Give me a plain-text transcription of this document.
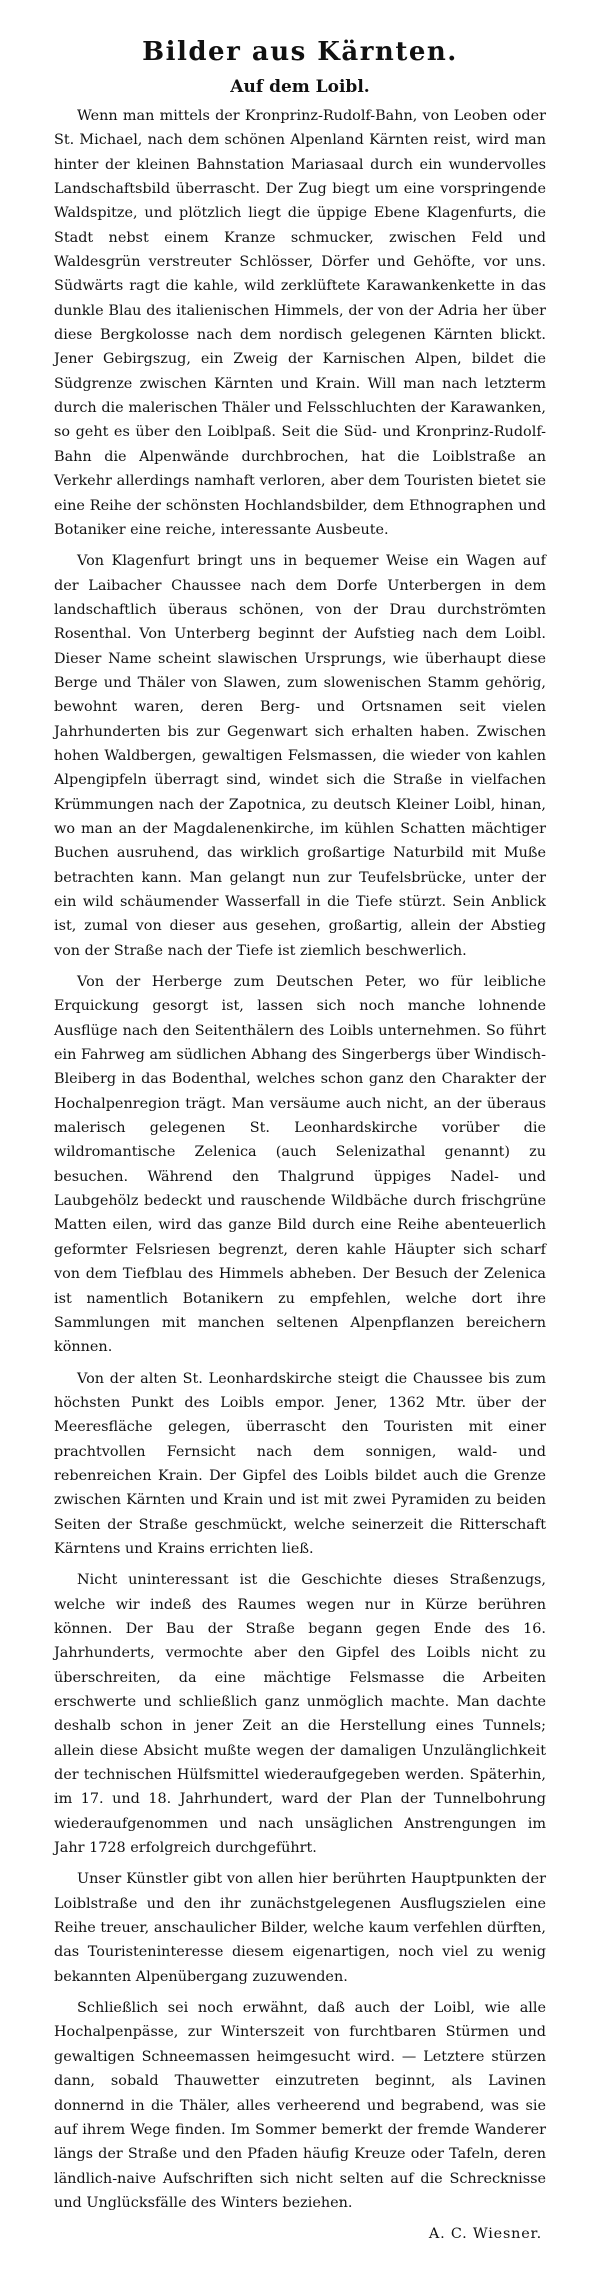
Bilder aus Kärnten.
Auf dem Loibl.

Wenn man mittels der Kronprinz-Rudolf-Bahn, von Leoben oder St. Michael, nach dem schönen Alpenland Kärnten reist, wird man hinter der kleinen Bahnstation Mariasaal durch ein wundervolles Landschaftsbild überrascht. Der Zug biegt um eine vorspringende Waldspitze, und plötzlich liegt die üppige Ebene Klagenfurts, die Stadt nebst einem Kranze schmucker, zwischen Feld und Waldesgrün verstreuter Schlösser, Dörfer und Gehöfte, vor uns. Südwärts ragt die kahle, wild zerklüftete Karawankenkette in das dunkle Blau des italienischen Himmels, der von der Adria her über diese Bergkolosse nach dem nordisch gelegenen Kärnten blickt. Jener Gebirgszug, ein Zweig der Karnischen Alpen, bildet die Südgrenze zwischen Kärnten und Krain. Will man nach letzterm durch die malerischen Thäler und Felsschluchten der Karawanken, so geht es über den Loiblpaß. Seit die Süd- und Kronprinz-Rudolf-Bahn die Alpenwände durchbrochen, hat die Loiblstraße an Verkehr allerdings namhaft verloren, aber dem Touristen bietet sie eine Reihe der schönsten Hochlandsbilder, dem Ethnographen und Botaniker eine reiche, interessante Ausbeute.

Von Klagenfurt bringt uns in bequemer Weise ein Wagen auf der Laibacher Chaussee nach dem Dorfe Unterbergen in dem landschaftlich überaus schönen, von der Drau durchströmten Rosenthal. Von Unterberg beginnt der Aufstieg nach dem Loibl. Dieser Name scheint slawischen Ursprungs, wie überhaupt diese Berge und Thäler von Slawen, zum slowenischen Stamm gehörig, bewohnt waren, deren Berg- und Ortsnamen seit vielen Jahrhunderten bis zur Gegenwart sich erhalten haben. Zwischen hohen Waldbergen, gewaltigen Felsmassen, die wieder von kahlen Alpengipfeln überragt sind, windet sich die Straße in vielfachen Krümmungen nach der Zapotnica, zu deutsch Kleiner Loibl, hinan, wo man an der Magdalenenkirche, im kühlen Schatten mächtiger Buchen ausruhend, das wirklich großartige Naturbild mit Muße betrachten kann. Man gelangt nun zur Teufelsbrücke, unter der ein wild schäumender Wasserfall in die Tiefe stürzt. Sein Anblick ist, zumal von dieser aus gesehen, großartig, allein der Abstieg von der Straße nach der Tiefe ist ziemlich beschwerlich.

Von der Herberge zum Deutschen Peter, wo für leibliche Erquickung gesorgt ist, lassen sich noch manche lohnende Ausflüge nach den Seitenthälern des Loibls unternehmen. So führt ein Fahrweg am südlichen Abhang des Singerbergs über Windisch-Bleiberg in das Bodenthal, welches schon ganz den Charakter der Hochalpenregion trägt. Man versäume auch nicht, an der überaus malerisch gelegenen St. Leonhardskirche vorüber die wildromantische Zelenica (auch Selenizathal genannt) zu besuchen. Während den Thalgrund üppiges Nadel- und Laubgehölz bedeckt und rauschende Wildbäche durch frischgrüne Matten eilen, wird das ganze Bild durch eine Reihe abenteuerlich geformter Felsriesen begrenzt, deren kahle Häupter sich scharf von dem Tiefblau des Himmels abheben. Der Besuch der Zelenica ist namentlich Botanikern zu empfehlen, welche dort ihre Sammlungen mit manchen seltenen Alpenpflanzen bereichern können.

Von der alten St. Leonhardskirche steigt die Chaussee bis zum höchsten Punkt des Loibls empor. Jener, 1362 Mtr. über der Meeresfläche gelegen, überrascht den Touristen mit einer prachtvollen Fernsicht nach dem sonnigen, wald- und rebenreichen Krain. Der Gipfel des Loibls bildet auch die Grenze zwischen Kärnten und Krain und ist mit zwei Pyramiden zu beiden Seiten der Straße geschmückt, welche seinerzeit die Ritterschaft Kärntens und Krains errichten ließ.

Nicht uninteressant ist die Geschichte dieses Straßenzugs, welche wir indeß des Raumes wegen nur in Kürze berühren können. Der Bau der Straße begann gegen Ende des 16. Jahrhunderts, vermochte aber den Gipfel des Loibls nicht zu überschreiten, da eine mächtige Felsmasse die Arbeiten erschwerte und schließlich ganz unmöglich machte. Man dachte deshalb schon in jener Zeit an die Herstellung eines Tunnels; allein diese Absicht mußte wegen der damaligen Unzulänglichkeit der technischen Hülfsmittel wiederaufgegeben werden. Späterhin, im 17. und 18. Jahrhundert, ward der Plan der Tunnelbohrung wiederaufgenommen und nach unsäglichen Anstrengungen im Jahr 1728 erfolgreich durchgeführt.

Unser Künstler gibt von allen hier berührten Hauptpunkten der Loiblstraße und den ihr zunächstgelegenen Ausflugszielen eine Reihe treuer, anschaulicher Bilder, welche kaum verfehlen dürften, das Touristeninteresse diesem eigenartigen, noch viel zu wenig bekannten Alpenübergang zuzuwenden.

Schließlich sei noch erwähnt, daß auch der Loibl, wie alle Hochalpenpässe, zur Winterszeit von furchtbaren Stürmen und gewaltigen Schneemassen heimgesucht wird. — Letztere stürzen dann, sobald Thauwetter einzutreten beginnt, als Lavinen donnernd in die Thäler, alles verheerend und begrabend, was sie auf ihrem Wege finden. Im Sommer bemerkt der fremde Wanderer längs der Straße und den Pfaden häufig Kreuze oder Tafeln, deren ländlich-naive Aufschriften sich nicht selten auf die Schrecknisse und Unglücksfälle des Winters beziehen.

A. C. Wiesner.
